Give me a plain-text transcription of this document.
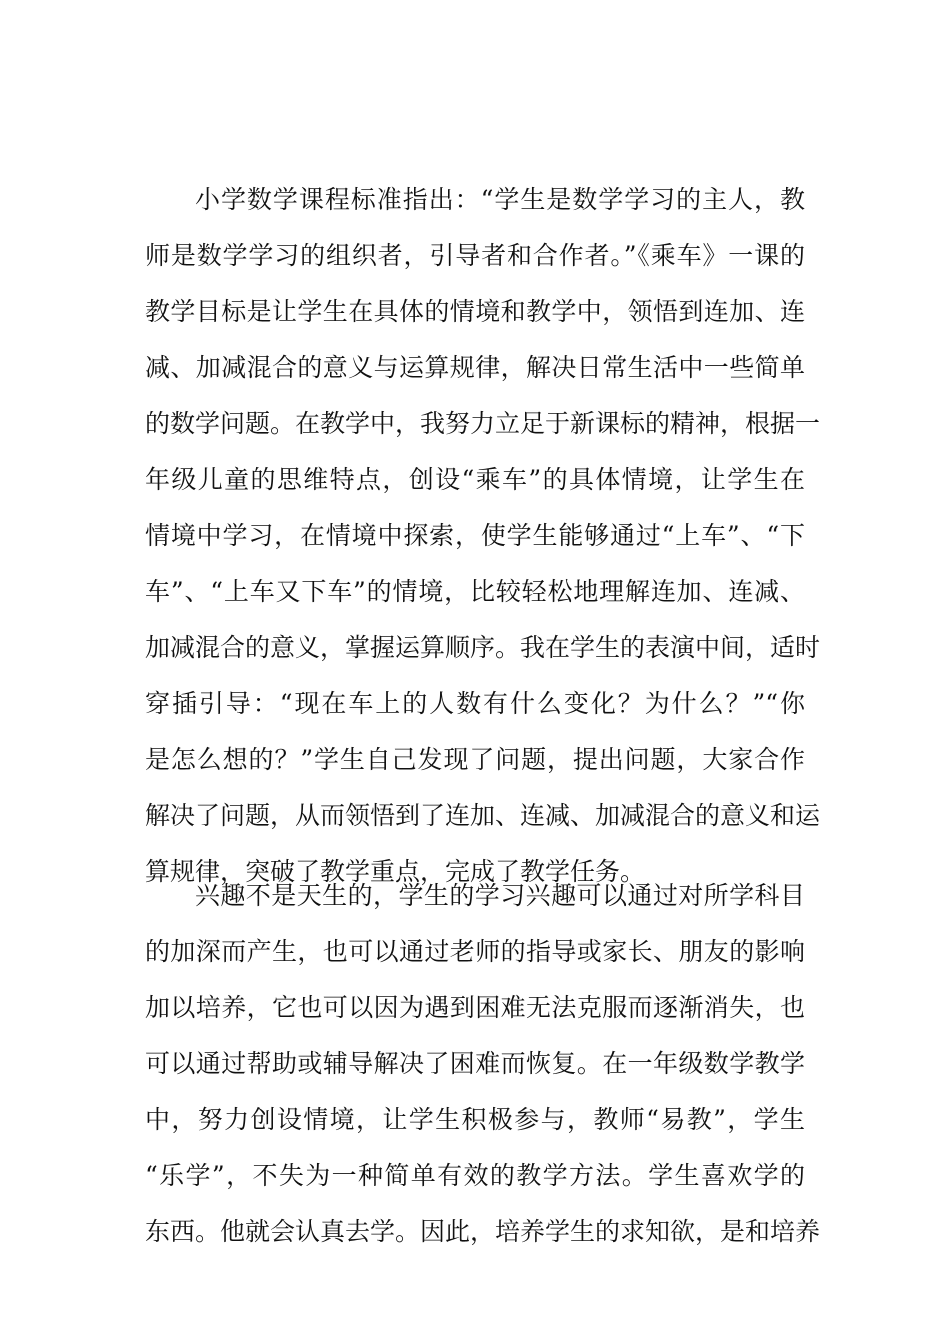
小学数学课程标准指出：“学生是数学学习的主人，教
师是数学学习的组织者，引导者和合作者。”《乘车》一课的
教学目标是让学生在具体的情境和教学中，领悟到连加、连
减、加减混合的意义与运算规律，解决日常生活中一些简单
的数学问题。在教学中，我努力立足于新课标的精神，根据一
年级儿童的思维特点，创设“乘车”的具体情境，让学生在
情境中学习，在情境中探索，使学生能够通过“上车”、“下
车”、“上车又下车”的情境，比较轻松地理解连加、连减、
加减混合的意义，掌握运算顺序。我在学生的表演中间，适时
穿插引导：“现在车上的人数有什么变化？为什么？”“你
是怎么想的？”学生自己发现了问题，提出问题，大家合作
解决了问题，从而领悟到了连加、连减、加减混合的意义和运
算规律，突破了教学重点，完成了教学任务。
兴趣不是天生的，学生的学习兴趣可以通过对所学科目
的加深而产生，也可以通过老师的指导或家长、朋友的影响
加以培养，它也可以因为遇到困难无法克服而逐渐消失，也
可以通过帮助或辅导解决了困难而恢复。在一年级数学教学
中，努力创设情境，让学生积极参与，教师“易教”，学生
“乐学”，不失为一种简单有效的教学方法。学生喜欢学的
东西。他就会认真去学。因此，培养学生的求知欲，是和培养
